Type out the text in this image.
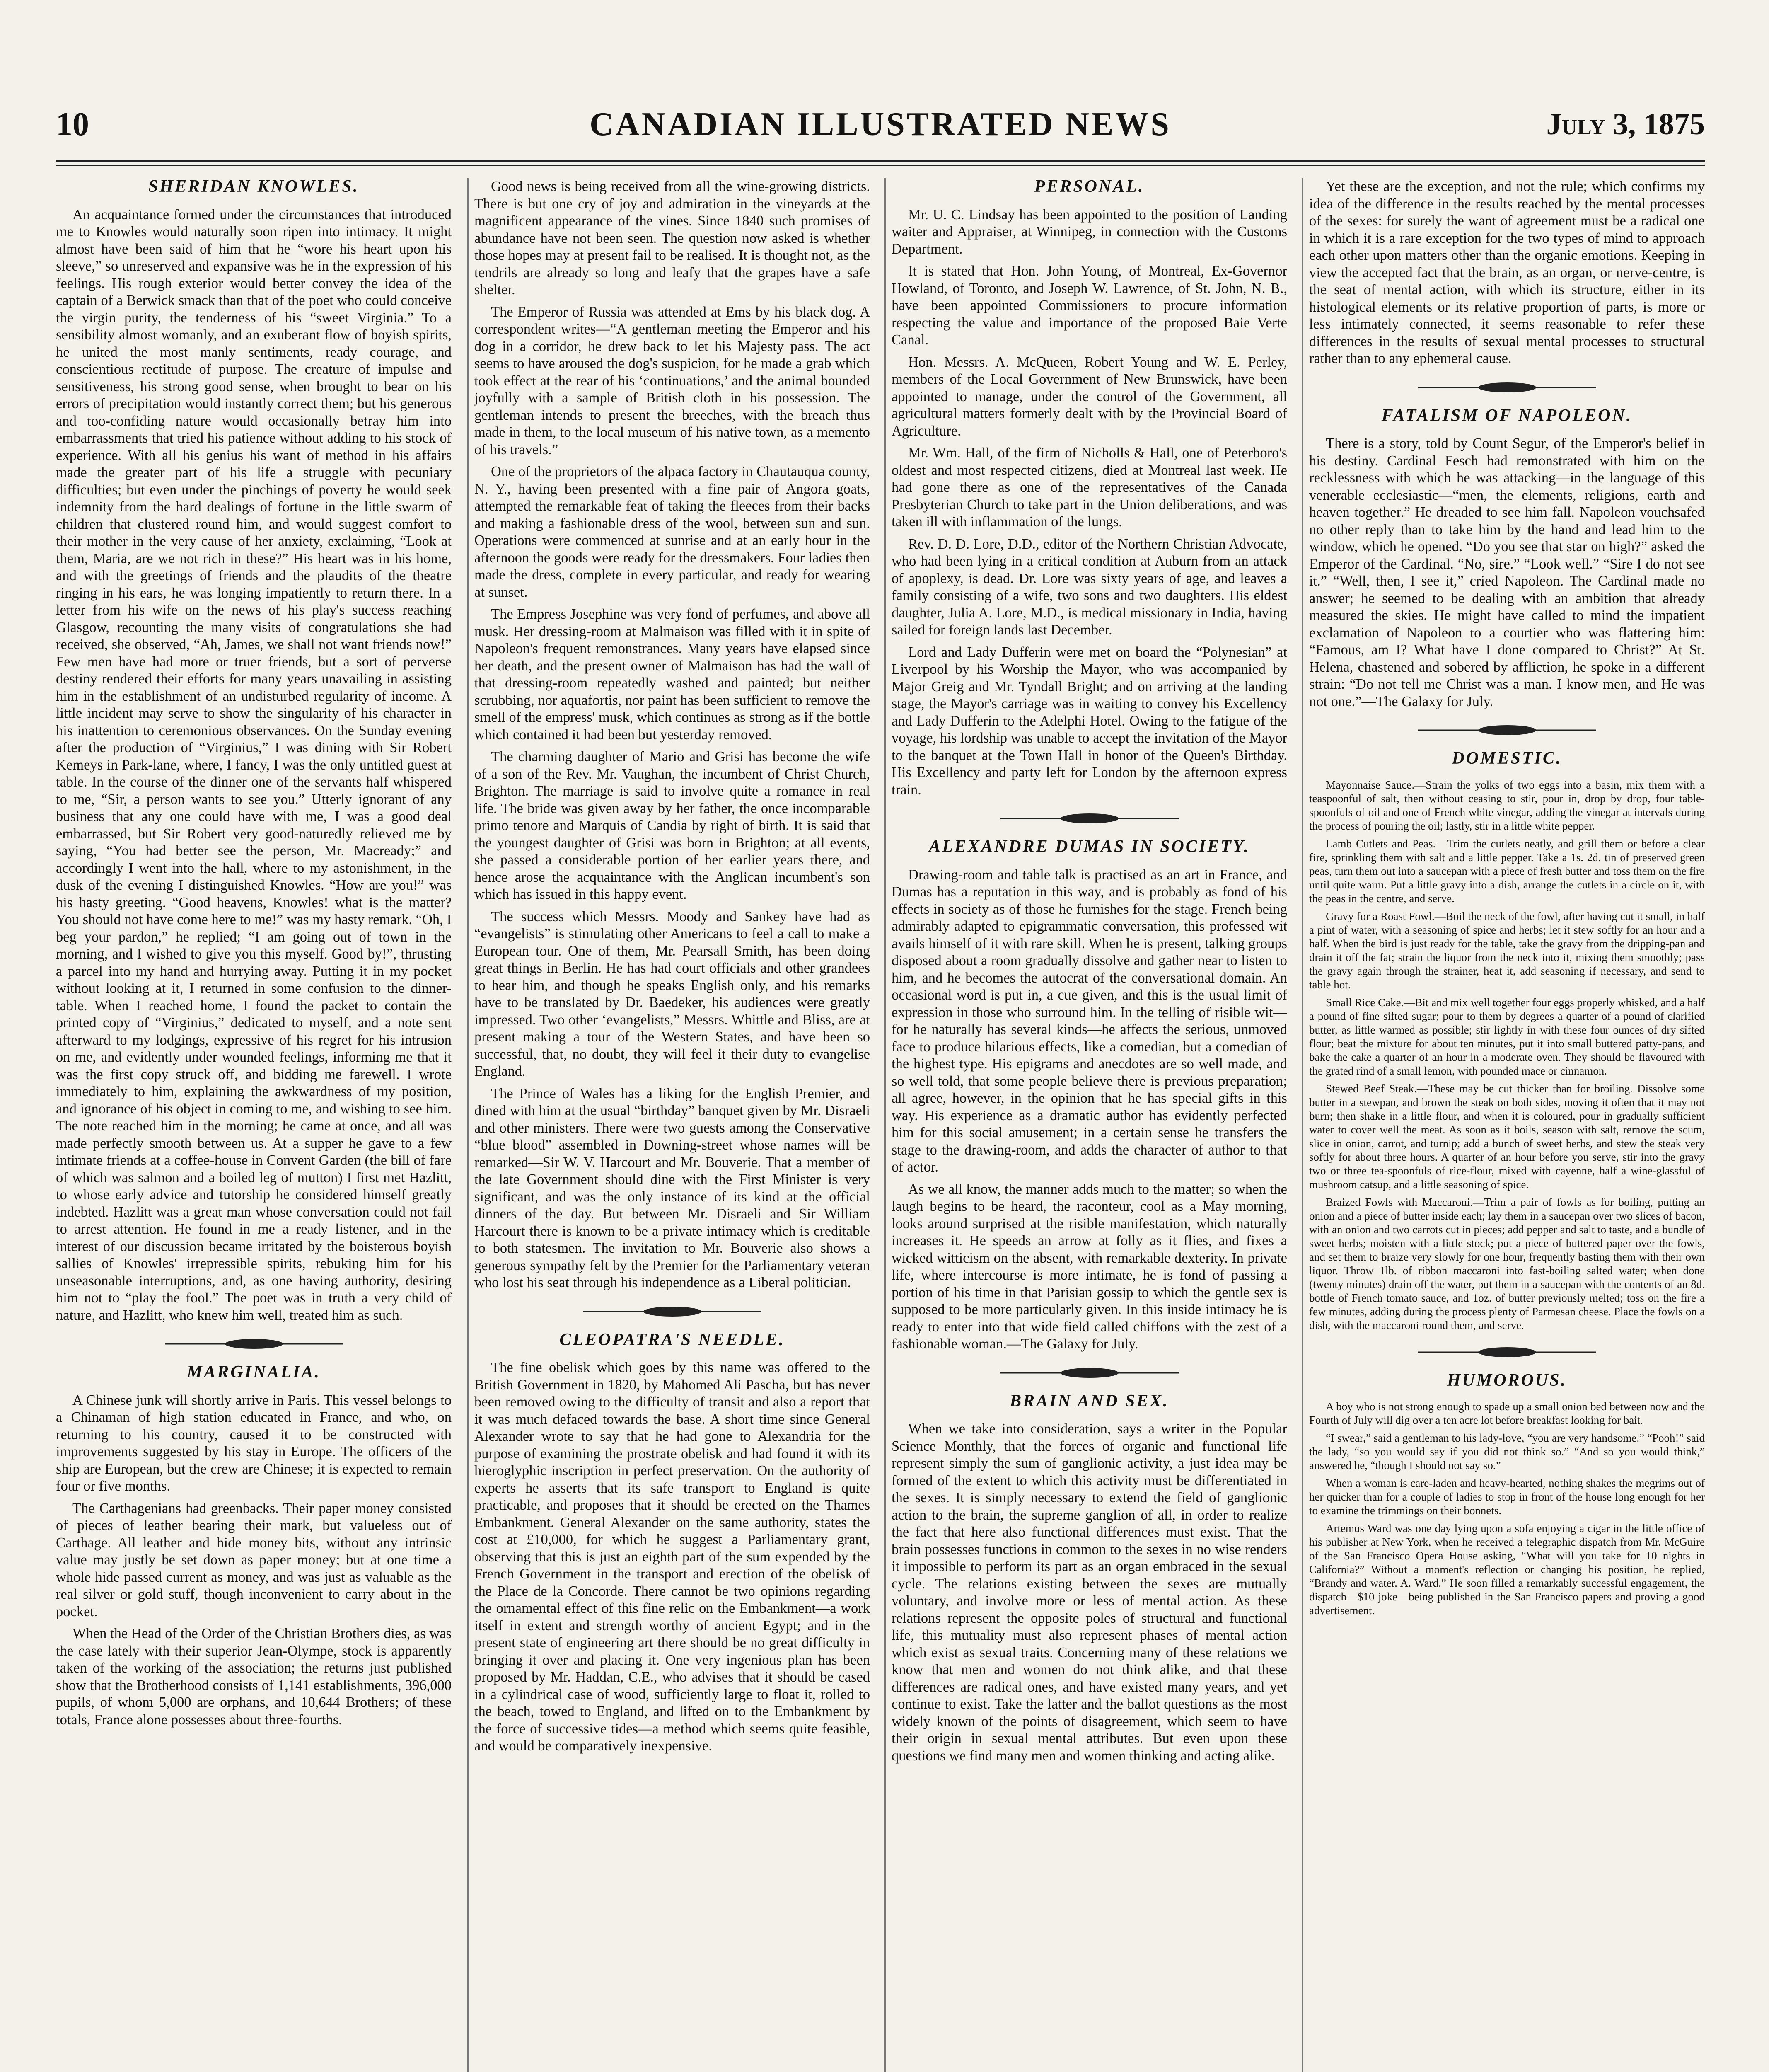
10	CANADIAN ILLUSTRATED NEWS	July 3, 1875
SHERIDAN KNOWLES.

An acquaintance formed under the circumstances that introduced me to Knowles would naturally soon ripen into intimacy. It might almost have been said of him that he “wore his heart upon his sleeve,” so unreserved and expansive was he in the expression of his feelings. His rough exterior would better convey the idea of the captain of a Berwick smack than that of the poet who could conceive the virgin purity, the tenderness of his “sweet Virginia.” To a sensibility almost womanly, and an exuberant flow of boyish spirits, he united the most manly sentiments, ready courage, and conscientious rectitude of purpose. The creature of impulse and sensitiveness, his strong good sense, when brought to bear on his errors of precipitation would instantly correct them; but his generous and too-confiding nature would occasionally betray him into embarrassments that tried his patience without adding to his stock of experience. With all his genius his want of method in his affairs made the greater part of his life a struggle with pecuniary difficulties; but even under the pinchings of poverty he would seek indemnity from the hard dealings of fortune in the little swarm of children that clustered round him, and would suggest comfort to their mother in the very cause of her anxiety, exclaiming, “Look at them, Maria, are we not rich in these?” His heart was in his home, and with the greetings of friends and the plaudits of the theatre ringing in his ears, he was longing impatiently to return there. In a letter from his wife on the news of his play's success reaching Glasgow, recounting the many visits of congratulations she had received, she observed, “Ah, James, we shall not want friends now!” Few men have had more or truer friends, but a sort of perverse destiny rendered their efforts for many years unavailing in assisting him in the establishment of an undisturbed regularity of income. A little incident may serve to show the singularity of his character in his inattention to ceremonious observances. On the Sunday evening after the production of “Virginius,” I was dining with Sir Robert Kemeys in Park-lane, where, I fancy, I was the only untitled guest at table. In the course of the dinner one of the servants half whispered to me, “Sir, a person wants to see you.” Utterly ignorant of any business that any one could have with me, I was a good deal embarrassed, but Sir Robert very good-naturedly relieved me by saying, “You had better see the person, Mr. Macready;” and accordingly I went into the hall, where to my astonishment, in the dusk of the evening I distinguished Knowles. “How are you!” was his hasty greeting. “Good heavens, Knowles! what is the matter? You should not have come here to me!” was my hasty remark. “Oh, I beg your pardon,” he replied; “I am going out of town in the morning, and I wished to give you this myself. Good by!”, thrusting a parcel into my hand and hurrying away. Putting it in my pocket without looking at it, I returned in some confusion to the dinner-table. When I reached home, I found the packet to contain the printed copy of “Virginius,” dedicated to myself, and a note sent afterward to my lodgings, expressive of his regret for his intrusion on me, and evidently under wounded feelings, informing me that it was the first copy struck off, and bidding me farewell. I wrote immediately to him, explaining the awkwardness of my position, and ignorance of his object in coming to me, and wishing to see him. The note reached him in the morning; he came at once, and all was made perfectly smooth between us. At a supper he gave to a few intimate friends at a coffee-house in Convent Garden (the bill of fare of which was salmon and a boiled leg of mutton) I first met Hazlitt, to whose early advice and tutorship he considered himself greatly indebted. Hazlitt was a great man whose conversation could not fail to arrest attention. He found in me a ready listener, and in the interest of our discussion became irritated by the boisterous boyish sallies of Knowles' irrepressible spirits, rebuking him for his unseasonable interruptions, and, as one having authority, desiring him not to “play the fool.” The poet was in truth a very child of nature, and Hazlitt, who knew him well, treated him as such.

MARGINALIA.

A Chinese junk will shortly arrive in Paris. This vessel belongs to a Chinaman of high station educated in France, and who, on returning to his country, caused it to be constructed with improvements suggested by his stay in Europe. The officers of the ship are European, but the crew are Chinese; it is expected to remain four or five months.

The Carthagenians had greenbacks. Their paper money consisted of pieces of leather bearing their mark, but valueless out of Carthage. All leather and hide money bits, without any intrinsic value may justly be set down as paper money; but at one time a whole hide passed current as money, and was just as valuable as the real silver or gold stuff, though inconvenient to carry about in the pocket.

When the Head of the Order of the Christian Brothers dies, as was the case lately with their superior Jean-Olympe, stock is apparently taken of the working of the association; the returns just published show that the Brotherhood consists of 1,141 establishments, 396,000 pupils, of whom 5,000 are orphans, and 10,644 Brothers; of these totals, France alone possesses about three-fourths.

Good news is being received from all the wine-growing districts. There is but one cry of joy and admiration in the vineyards at the magnificent appearance of the vines. Since 1840 such promises of abundance have not been seen. The question now asked is whether those hopes may at present fail to be realised. It is thought not, as the tendrils are already so long and leafy that the grapes have a safe shelter.

The Emperor of Russia was attended at Ems by his black dog. A correspondent writes—“A gentleman meeting the Emperor and his dog in a corridor, he drew back to let his Majesty pass. The act seems to have aroused the dog's suspicion, for he made a grab which took effect at the rear of his ‘continuations,’ and the animal bounded joyfully with a sample of British cloth in his possession. The gentleman intends to present the breeches, with the breach thus made in them, to the local museum of his native town, as a memento of his travels.”

One of the proprietors of the alpaca factory in Chautauqua county, N. Y., having been presented with a fine pair of Angora goats, attempted the remarkable feat of taking the fleeces from their backs and making a fashionable dress of the wool, between sun and sun. Operations were commenced at sunrise and at an early hour in the afternoon the goods were ready for the dressmakers. Four ladies then made the dress, complete in every particular, and ready for wearing at sunset.

The Empress Josephine was very fond of perfumes, and above all musk. Her dressing-room at Malmaison was filled with it in spite of Napoleon's frequent remonstrances. Many years have elapsed since her death, and the present owner of Malmaison has had the wall of that dressing-room repeatedly washed and painted; but neither scrubbing, nor aquafortis, nor paint has been sufficient to remove the smell of the empress' musk, which continues as strong as if the bottle which contained it had been but yesterday removed.

The charming daughter of Mario and Grisi has become the wife of a son of the Rev. Mr. Vaughan, the incumbent of Christ Church, Brighton. The marriage is said to involve quite a romance in real life. The bride was given away by her father, the once incomparable primo tenore and Marquis of Candia by right of birth. It is said that the youngest daughter of Grisi was born in Brighton; at all events, she passed a considerable portion of her earlier years there, and hence arose the acquaintance with the Anglican incumbent's son which has issued in this happy event.

The success which Messrs. Moody and Sankey have had as “evangelists” is stimulating other Americans to feel a call to make a European tour. One of them, Mr. Pearsall Smith, has been doing great things in Berlin. He has had court officials and other grandees to hear him, and though he speaks English only, and his remarks have to be translated by Dr. Baedeker, his audiences were greatly impressed. Two other ‘evangelists,” Messrs. Whittle and Bliss, are at present making a tour of the Western States, and have been so successful, that, no doubt, they will feel it their duty to evangelise England.

The Prince of Wales has a liking for the English Premier, and dined with him at the usual “birthday” banquet given by Mr. Disraeli and other ministers. There were two guests among the Conservative “blue blood” assembled in Downing-street whose names will be remarked—Sir W. V. Harcourt and Mr. Bouverie. That a member of the late Government should dine with the First Minister is very significant, and was the only instance of its kind at the official dinners of the day. But between Mr. Disraeli and Sir William Harcourt there is known to be a private intimacy which is creditable to both statesmen. The invitation to Mr. Bouverie also shows a generous sympathy felt by the Premier for the Parliamentary veteran who lost his seat through his independence as a Liberal politician.

CLEOPATRA'S NEEDLE.

The fine obelisk which goes by this name was offered to the British Government in 1820, by Mahomed Ali Pascha, but has never been removed owing to the difficulty of transit and also a report that it was much defaced towards the base. A short time since General Alexander wrote to say that he had gone to Alexandria for the purpose of examining the prostrate obelisk and had found it with its hieroglyphic inscription in perfect preservation. On the authority of experts he asserts that its safe transport to England is quite practicable, and proposes that it should be erected on the Thames Embankment. General Alexander on the same authority, states the cost at £10,000, for which he suggest a Parliamentary grant, observing that this is just an eighth part of the sum expended by the French Government in the transport and erection of the obelisk of the Place de la Concorde. There cannot be two opinions regarding the ornamental effect of this fine relic on the Embankment—a work itself in extent and strength worthy of ancient Egypt; and in the present state of engineering art there should be no great difficulty in bringing it over and placing it. One very ingenious plan has been proposed by Mr. Haddan, C.E., who advises that it should be cased in a cylindrical case of wood, sufficiently large to float it, rolled to the beach, towed to England, and lifted on to the Embankment by the force of successive tides—a method which seems quite feasible, and would be comparatively inexpensive.

PERSONAL.

Mr. U. C. Lindsay has been appointed to the position of Landing waiter and Appraiser, at Winnipeg, in connection with the Customs Department.

It is stated that Hon. John Young, of Montreal, Ex-Governor Howland, of Toronto, and Joseph W. Lawrence, of St. John, N. B., have been appointed Commissioners to procure information respecting the value and importance of the proposed Baie Verte Canal.

Hon. Messrs. A. McQueen, Robert Young and W. E. Perley, members of the Local Government of New Brunswick, have been appointed to manage, under the control of the Government, all agricultural matters formerly dealt with by the Provincial Board of Agriculture.

Mr. Wm. Hall, of the firm of Nicholls & Hall, one of Peterboro's oldest and most respected citizens, died at Montreal last week. He had gone there as one of the representatives of the Canada Presbyterian Church to take part in the Union deliberations, and was taken ill with inflammation of the lungs.

Rev. D. D. Lore, D.D., editor of the Northern Christian Advocate, who had been lying in a critical condition at Auburn from an attack of apoplexy, is dead. Dr. Lore was sixty years of age, and leaves a family consisting of a wife, two sons and two daughters. His eldest daughter, Julia A. Lore, M.D., is medical missionary in India, having sailed for foreign lands last December.

Lord and Lady Dufferin were met on board the “Polynesian” at Liverpool by his Worship the Mayor, who was accompanied by Major Greig and Mr. Tyndall Bright; and on arriving at the landing stage, the Mayor's carriage was in waiting to convey his Excellency and Lady Dufferin to the Adelphi Hotel. Owing to the fatigue of the voyage, his lordship was unable to accept the invitation of the Mayor to the banquet at the Town Hall in honor of the Queen's Birthday. His Excellency and party left for London by the afternoon express train.

ALEXANDRE DUMAS IN SOCIETY.

Drawing-room and table talk is practised as an art in France, and Dumas has a reputation in this way, and is probably as fond of his effects in society as of those he furnishes for the stage. French being admirably adapted to epigrammatic conversation, this professed wit avails himself of it with rare skill. When he is present, talking groups disposed about a room gradually dissolve and gather near to listen to him, and he becomes the autocrat of the conversational domain. An occasional word is put in, a cue given, and this is the usual limit of expression in those who surround him. In the telling of risible wit—for he naturally has several kinds—he affects the serious, unmoved face to produce hilarious effects, like a comedian, but a comedian of the highest type. His epigrams and anecdotes are so well made, and so well told, that some people believe there is previous preparation; all agree, however, in the opinion that he has special gifts in this way. His experience as a dramatic author has evidently perfected him for this social amusement; in a certain sense he transfers the stage to the drawing-room, and adds the character of author to that of actor.

As we all know, the manner adds much to the matter; so when the laugh begins to be heard, the raconteur, cool as a May morning, looks around surprised at the risible manifestation, which naturally increases it. He speeds an arrow at folly as it flies, and fixes a wicked witticism on the absent, with remarkable dexterity. In private life, where intercourse is more intimate, he is fond of passing a portion of his time in that Parisian gossip to which the gentle sex is supposed to be more particularly given. In this inside intimacy he is ready to enter into that wide field called chiffons with the zest of a fashionable woman.—The Galaxy for July.

BRAIN AND SEX.

When we take into consideration, says a writer in the Popular Science Monthly, that the forces of organic and functional life represent simply the sum of ganglionic activity, a just idea may be formed of the extent to which this activity must be differentiated in the sexes. It is simply necessary to extend the field of ganglionic action to the brain, the supreme ganglion of all, in order to realize the fact that here also functional differences must exist. That the brain possesses functions in common to the sexes in no wise renders it impossible to perform its part as an organ embraced in the sexual cycle. The relations existing between the sexes are mutually voluntary, and involve more or less of mental action. As these relations represent the opposite poles of structural and functional life, this mutuality must also represent phases of mental action which exist as sexual traits. Concerning many of these relations we know that men and women do not think alike, and that these differences are radical ones, and have existed many years, and yet continue to exist. Take the latter and the ballot questions as the most widely known of the points of disagreement, which seem to have their origin in sexual mental attributes. But even upon these questions we find many men and women thinking and acting alike.

Yet these are the exception, and not the rule; which confirms my idea of the difference in the results reached by the mental processes of the sexes: for surely the want of agreement must be a radical one in which it is a rare exception for the two types of mind to approach each other upon matters other than the organic emotions. Keeping in view the accepted fact that the brain, as an organ, or nerve-centre, is the seat of mental action, with which its structure, either in its histological elements or its relative proportion of parts, is more or less intimately connected, it seems reasonable to refer these differences in the results of sexual mental processes to structural rather than to any ephemeral cause.

FATALISM OF NAPOLEON.

There is a story, told by Count Segur, of the Emperor's belief in his destiny. Cardinal Fesch had remonstrated with him on the recklessness with which he was attacking—in the language of this venerable ecclesiastic—“men, the elements, religions, earth and heaven together.” He dreaded to see him fall. Napoleon vouchsafed no other reply than to take him by the hand and lead him to the window, which he opened. “Do you see that star on high?” asked the Emperor of the Cardinal. “No, sire.” “Look well.” “Sire I do not see it.” “Well, then, I see it,” cried Napoleon. The Cardinal made no answer; he seemed to be dealing with an ambition that already measured the skies. He might have called to mind the impatient exclamation of Napoleon to a courtier who was flattering him: “Famous, am I? What have I done compared to Christ?” At St. Helena, chastened and sobered by affliction, he spoke in a different strain: “Do not tell me Christ was a man. I know men, and He was not one.”—The Galaxy for July.

DOMESTIC.

Mayonnaise Sauce.—Strain the yolks of two eggs into a basin, mix them with a teaspoonful of salt, then without ceasing to stir, pour in, drop by drop, four table-spoonfuls of oil and one of French white vinegar, adding the vinegar at intervals during the process of pouring the oil; lastly, stir in a little white pepper.

Lamb Cutlets and Peas.—Trim the cutlets neatly, and grill them or before a clear fire, sprinkling them with salt and a little pepper. Take a 1s. 2d. tin of preserved green peas, turn them out into a saucepan with a piece of fresh butter and toss them on the fire until quite warm. Put a little gravy into a dish, arrange the cutlets in a circle on it, with the peas in the centre, and serve.

Gravy for a Roast Fowl.—Boil the neck of the fowl, after having cut it small, in half a pint of water, with a seasoning of spice and herbs; let it stew softly for an hour and a half. When the bird is just ready for the table, take the gravy from the dripping-pan and drain it off the fat; strain the liquor from the neck into it, mixing them smoothly; pass the gravy again through the strainer, heat it, add seasoning if necessary, and send to table hot.

Small Rice Cake.—Bit and mix well together four eggs properly whisked, and a half a pound of fine sifted sugar; pour to them by degrees a quarter of a pound of clarified butter, as little warmed as possible; stir lightly in with these four ounces of dry sifted flour; beat the mixture for about ten minutes, put it into small buttered patty-pans, and bake the cake a quarter of an hour in a moderate oven. They should be flavoured with the grated rind of a small lemon, with pounded mace or cinnamon.

Stewed Beef Steak.—These may be cut thicker than for broiling. Dissolve some butter in a stewpan, and brown the steak on both sides, moving it often that it may not burn; then shake in a little flour, and when it is coloured, pour in gradually sufficient water to cover well the meat. As soon as it boils, season with salt, remove the scum, slice in onion, carrot, and turnip; add a bunch of sweet herbs, and stew the steak very softly for about three hours. A quarter of an hour before you serve, stir into the gravy two or three tea-spoonfuls of rice-flour, mixed with cayenne, half a wine-glassful of mushroom catsup, and a little seasoning of spice.

Braized Fowls with Maccaroni.—Trim a pair of fowls as for boiling, putting an onion and a piece of butter inside each; lay them in a saucepan over two slices of bacon, with an onion and two carrots cut in pieces; add pepper and salt to taste, and a bundle of sweet herbs; moisten with a little stock; put a piece of buttered paper over the fowls, and set them to braize very slowly for one hour, frequently basting them with their own liquor. Throw 1lb. of ribbon maccaroni into fast-boiling salted water; when done (twenty minutes) drain off the water, put them in a saucepan with the contents of an 8d. bottle of French tomato sauce, and 1oz. of butter previously melted; toss on the fire a few minutes, adding during the process plenty of Parmesan cheese. Place the fowls on a dish, with the maccaroni round them, and serve.

HUMOROUS.

A boy who is not strong enough to spade up a small onion bed between now and the Fourth of July will dig over a ten acre lot before breakfast looking for bait.

“I swear,” said a gentleman to his lady-love, “you are very handsome.” “Pooh!” said the lady, “so you would say if you did not think so.” “And so you would think,” answered he, “though I should not say so.”

When a woman is care-laden and heavy-hearted, nothing shakes the megrims out of her quicker than for a couple of ladies to stop in front of the house long enough for her to examine the trimmings on their bonnets.

Artemus Ward was one day lying upon a sofa enjoying a cigar in the little office of his publisher at New York, when he received a telegraphic dispatch from Mr. McGuire of the San Francisco Opera House asking, “What will you take for 10 nights in California?” Without a moment's reflection or changing his position, he replied, “Brandy and water. A. Ward.” He soon filled a remarkably successful engagement, the dispatch—$10 joke—being published in the San Francisco papers and proving a good advertisement.
